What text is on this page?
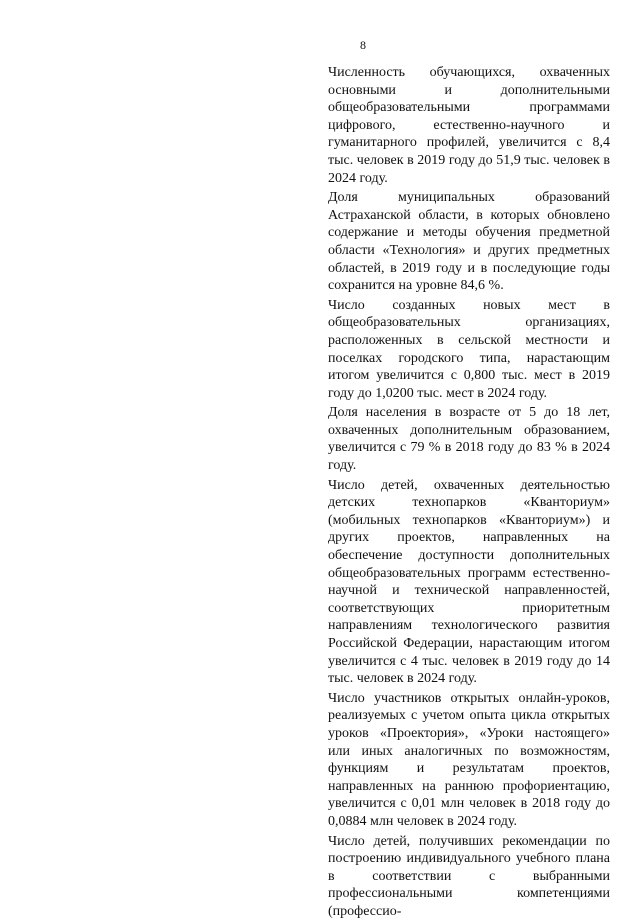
8

Численность обучающихся, охваченных основными и дополнительными общеобразовательными программами цифрового, естественно-научного и гуманитарного профилей, увеличится с 8,4 тыс. человек в 2019 году до 51,9 тыс. человек в 2024 году.

Доля муниципальных образований Астраханской области, в которых обновлено содержание и методы обучения предметной области «Технология» и других предметных областей, в 2019 году и в последующие годы сохранится на уровне 84,6 %.

Число созданных новых мест в общеобразовательных организациях, расположенных в сельской местности и поселках городского типа, нарастающим итогом увеличится с 0,800 тыс. мест в 2019 году до 1,0200 тыс. мест в 2024 году.

Доля населения в возрасте от 5 до 18 лет, охваченных дополнительным образованием, увеличится с 79 % в 2018 году до 83 % в 2024 году.

Число детей, охваченных деятельностью детских технопарков «Кванториум» (мобильных технопарков «Кванториум») и других проектов, направленных на обеспечение доступности дополнительных общеобразовательных программ естественно-научной и технической направленностей, соответствующих приоритетным направлениям технологического развития Российской Федерации, нарастающим итогом увеличится с 4 тыс. человек в 2019 году до 14 тыс. человек в 2024 году.

Число участников открытых онлайн-уроков, реализуемых с учетом опыта цикла открытых уроков «Проектория», «Уроки настоящего» или иных аналогичных по возможностям, функциям и результатам проектов, направленных на раннюю профориентацию, увеличится с 0,01 млн человек в 2018 году до 0,0884 млн человек в 2024 году.

Число детей, получивших рекомендации по построению индивидуального учебного плана в соответствии с выбранными профессиональными компетенциями (профессио-
